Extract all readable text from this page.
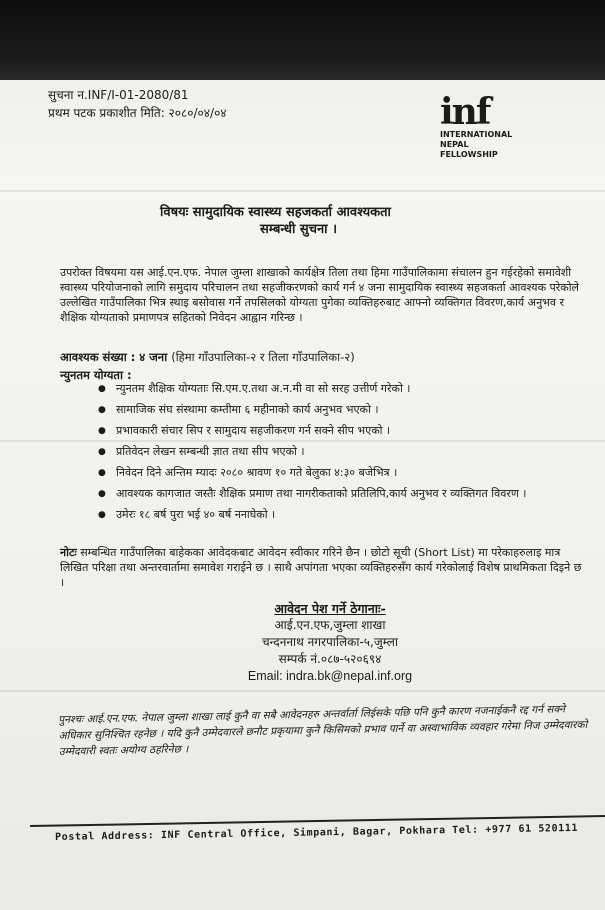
सुचना न.INF/I-01-2080/81
प्रथम पटक प्रकाशीत मिति: २०८०/०४/०४	inf
INTERNATIONAL
NEPAL
FELLOWSHIP
विषयः सामुदायिक स्वास्थ्य सहजकर्ता आवश्यकता
सम्बन्धी सुचना ।
उपरोक्त विषयमा यस आई.एन.एफ. नेपाल जुम्ला शाखाको कार्यक्षेत्र तिला तथा हिमा गाउँपालिकामा संचालन हुन गईरहेको समावेशी स्वास्थ्य परियोजनाको लागि समुदाय परिचालन तथा सहजीकरणको कार्य गर्न ४ जना सामुदायिक स्वास्थ्य सहजकर्ता आवश्यक परेकोले उल्लेखित गाउँपालिका भित्र स्थाइ बसोवास गर्ने तपसिलको योग्यता पुगेका व्यक्तिहरुबाट आफ्नो व्यक्तिगत विवरण,कार्य अनुभव र शैक्षिक योग्यताको प्रमाणपत्र सहितको निवेदन आह्वान गरिन्छ ।
आवश्यक संख्या : ४ जना (हिमा गाँउपालिका-२ र तिला गाँउपालिका-२)
न्युनतम योग्यता :
● न्युनतम शैक्षिक योग्यताः सि.एम.ए.तथा अ.न.मी वा सो सरह उत्तीर्ण गरेको ।
● सामाजिक संघ संस्थामा कम्तीमा ६ महीनाको कार्य अनुभव भएको ।
● प्रभावकारी संचार सिप र सामुदाय सहजीकरण गर्न सक्ने सीप भएको ।
● प्रतिवेदन लेखन सम्बन्धी ज्ञात तथा सीप भएको ।
● निवेदन दिने अन्तिम म्यादः २०८० श्रावण १० गते बेलुका ४:३० बजेभित्र ।
● आवश्यक कागजात जस्तैः शैक्षिक प्रमाण तथा नागरीकताको प्रतिलिपि,कार्य अनुभव र व्यक्तिगत विवरण ।
● उमेरः १८ बर्ष पुरा भई ४० बर्ष ननाघेको ।
नोटः सम्बन्धित गाउँपालिका बाहेकका आवेदकबाट आवेदन स्वीकार गरिने छैन । छोटो सूची (Short List) मा परेकाहरुलाइ मात्र लिखित परिक्षा तथा अन्तरवार्तामा समावेश गराईने छ । साथै अपांगता भएका व्यक्तिहरुसँग कार्य गरेकोलाई विशेष प्राथमिकता दिइने छ ।
आवेदन पेश गर्ने ठेगानाः-
आई.एन.एफ,जुम्ला शाखा
चन्दननाथ नगरपालिका-५,जुम्ला
सम्पर्क नं.०८७-५२०६९४
Email: indra.bk@nepal.inf.org
पुनश्चः आई.एन.एफ. नेपाल जुम्ला शाखा लाई कुनै वा सबै आवेदनहरु अन्तर्वार्ता लिईसके पछि पनि कुनै कारण नजनाईकनै रद्द गर्न सक्ने अधिकार सुनिश्चित रहनेछ । यदि कुनै उम्मेदवारले छनौट प्रकृयामा कुनै किसिमको प्रभाव पार्ने वा अस्वाभाविक व्यवहार गरेमा निज उम्मेदवारको उम्मेदवारी स्वतः अयोग्य ठहरिनेछ ।
Postal Address: INF Central Office, Simpani, Bagar, Pokhara Tel: +977 61 520111
